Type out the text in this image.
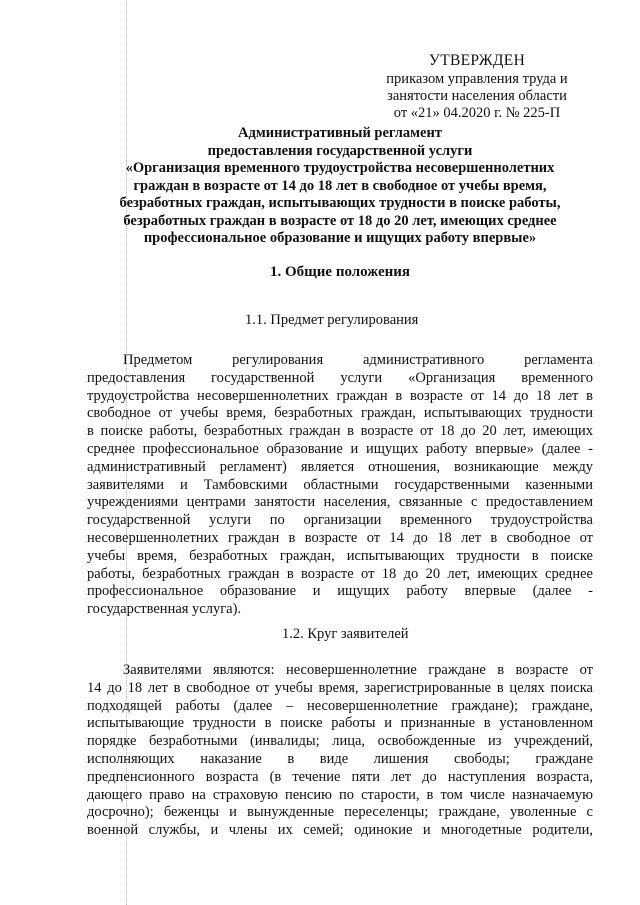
УТВЕРЖДЕН
приказом управления труда и
занятости населения области
от «21» 04.2020 г. № 225-П
Административный регламент
предоставления государственной услуги
«Организация временного трудоустройства несовершеннолетних
граждан в возрасте от 14 до 18 лет в свободное от учебы время,
безработных граждан, испытывающих трудности в поиске работы,
безработных граждан в возрасте от 18 до 20 лет, имеющих среднее
профессиональное образование и ищущих работу впервые»
1. Общие положения
1.1. Предмет регулирования
Предметом регулирования административного регламента
предоставления государственной услуги «Организация временного
трудоустройства несовершеннолетних граждан в возрасте от 14 до 18 лет в
свободное от учебы время, безработных граждан, испытывающих трудности
в поиске работы, безработных граждан в возрасте от 18 до 20 лет, имеющих
среднее профессиональное образование и ищущих работу впервые» (далее -
административный регламент) является отношения, возникающие между
заявителями и Тамбовскими областными государственными казенными
учреждениями центрами занятости населения, связанные с предоставлением
государственной услуги по организации временного трудоустройства
несовершеннолетних граждан в возрасте от 14 до 18 лет в свободное от
учебы время, безработных граждан, испытывающих трудности в поиске
работы, безработных граждан в возрасте от 18 до 20 лет, имеющих среднее
профессиональное образование и ищущих работу впервые (далее -
государственная услуга).
1.2. Круг заявителей
Заявителями являются: несовершеннолетние граждане в возрасте от
14 до 18 лет в свободное от учебы время, зарегистрированные в целях поиска
подходящей работы (далее – несовершеннолетние граждане); граждане,
испытывающие трудности в поиске работы и признанные в установленном
порядке безработными (инвалиды; лица, освобожденные из учреждений,
исполняющих наказание в виде лишения свободы; граждане
предпенсионного возраста (в течение пяти лет до наступления возраста,
дающего право на страховую пенсию по старости, в том числе назначаемую
досрочно); беженцы и вынужденные переселенцы; граждане, уволенные с
военной службы, и члены их семей; одинокие и многодетные родители,
